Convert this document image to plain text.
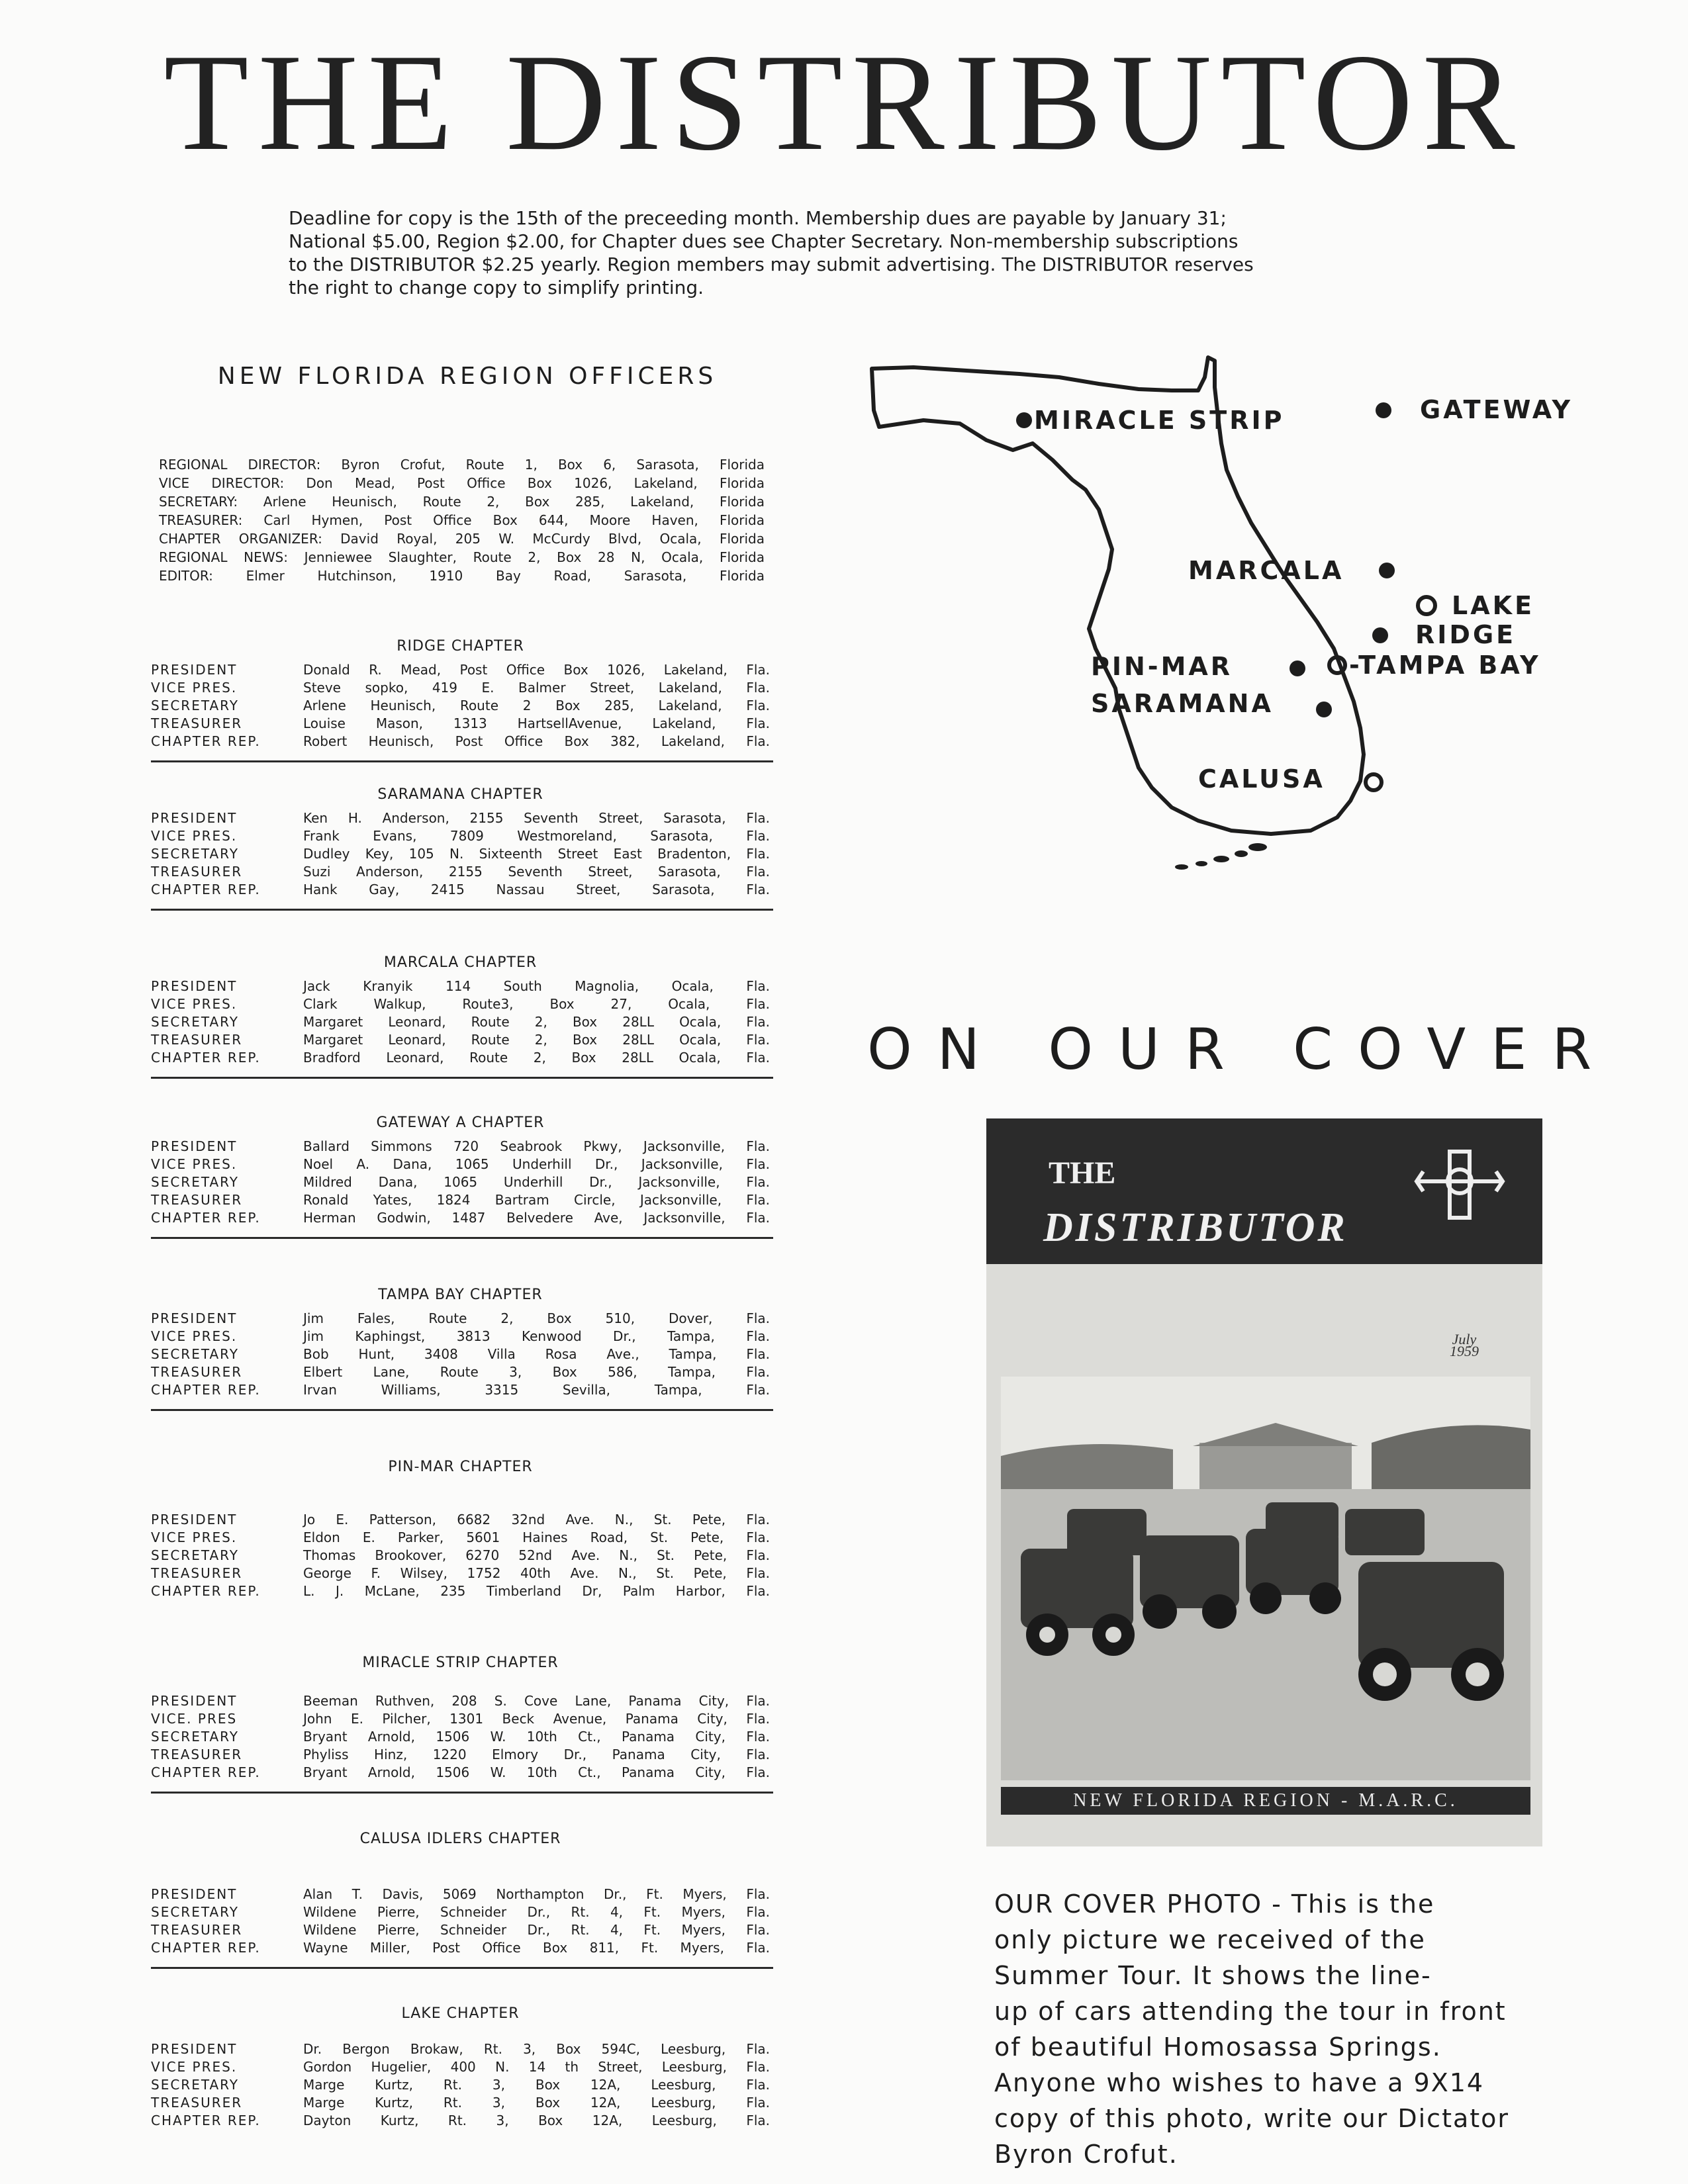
THE DISTRIBUTOR
Deadline for copy is the 15th of the preceeding month. Membership dues are payable by January 31;
National $5.00, Region $2.00, for Chapter dues see Chapter Secretary. Non-membership subscriptions
to the DISTRIBUTOR $2.25 yearly. Region members may submit advertising. The DISTRIBUTOR reserves
the right to change copy to simplify printing.
NEW FLORIDA REGION OFFICERS
REGIONAL DIRECTOR: Byron Crofut, Route 1, Box 6, Sarasota, Florida
VICE DIRECTOR: Don Mead, Post Office Box 1026, Lakeland, Florida
SECRETARY: Arlene Heunisch, Route 2, Box 285, Lakeland, Florida
TREASURER: Carl Hymen, Post Office Box 644, Moore Haven, Florida
CHAPTER ORGANIZER: David Royal, 205 W. McCurdy Blvd, Ocala, Florida
REGIONAL NEWS: Jenniewee Slaughter, Route 2, Box 28 N, Ocala, Florida
EDITOR: Elmer Hutchinson, 1910 Bay Road, Sarasota, Florida
RIDGE CHAPTER
PRESIDENT	Donald R. Mead, Post Office Box 1026, Lakeland, Fla.
VICE PRES.	Steve sopko, 419 E. Balmer Street, Lakeland, Fla.
SECRETARY	Arlene Heunisch, Route 2 Box 285, Lakeland, Fla.
TREASURER	Louise Mason, 1313 HartsellAvenue, Lakeland, Fla.
CHAPTER REP.	Robert Heunisch, Post Office Box 382, Lakeland, Fla.
SARAMANA CHAPTER
PRESIDENT	Ken H. Anderson, 2155 Seventh Street, Sarasota, Fla.
VICE PRES.	Frank Evans, 7809 Westmoreland, Sarasota, Fla.
SECRETARY	Dudley Key, 105 N. Sixteenth Street East Bradenton, Fla.
TREASURER	Suzi Anderson, 2155 Seventh Street, Sarasota, Fla.
CHAPTER REP.	Hank Gay, 2415 Nassau Street, Sarasota, Fla.
MARCALA CHAPTER
PRESIDENT	Jack Kranyik 114 South Magnolia, Ocala, Fla.
VICE PRES.	Clark Walkup, Route3, Box 27, Ocala, Fla.
SECRETARY	Margaret Leonard, Route 2, Box 28LL Ocala, Fla.
TREASURER	Margaret Leonard, Route 2, Box 28LL Ocala, Fla.
CHAPTER REP.	Bradford Leonard, Route 2, Box 28LL Ocala, Fla.
GATEWAY A CHAPTER
PRESIDENT	Ballard Simmons 720 Seabrook Pkwy, Jacksonville, Fla.
VICE PRES.	Noel A. Dana, 1065 Underhill Dr., Jacksonville, Fla.
SECRETARY	Mildred Dana, 1065 Underhill Dr., Jacksonville, Fla.
TREASURER	Ronald Yates, 1824 Bartram Circle, Jacksonville, Fla.
CHAPTER REP.	Herman Godwin, 1487 Belvedere Ave, Jacksonville, Fla.
TAMPA BAY CHAPTER
PRESIDENT	Jim Fales, Route 2, Box 510, Dover, Fla.
VICE PRES.	Jim Kaphingst, 3813 Kenwood Dr., Tampa, Fla.
SECRETARY	Bob Hunt, 3408 Villa Rosa Ave., Tampa, Fla.
TREASURER	Elbert Lane, Route 3, Box 586, Tampa, Fla.
CHAPTER REP.	Irvan Williams, 3315 Sevilla, Tampa, Fla.
PIN-MAR CHAPTER
PRESIDENT	Jo E. Patterson, 6682 32nd Ave. N., St. Pete, Fla.
VICE PRES.	Eldon E. Parker, 5601 Haines Road, St. Pete, Fla.
SECRETARY	Thomas Brookover, 6270 52nd Ave. N., St. Pete, Fla.
TREASURER	George F. Wilsey, 1752 40th Ave. N., St. Pete, Fla.
CHAPTER REP.	L. J. McLane, 235 Timberland Dr, Palm Harbor, Fla.
MIRACLE STRIP CHAPTER
PRESIDENT	Beeman Ruthven, 208 S. Cove Lane, Panama City, Fla.
VICE. PRES	John E. Pilcher, 1301 Beck Avenue, Panama City, Fla.
SECRETARY	Bryant Arnold, 1506 W. 10th Ct., Panama City, Fla.
TREASURER	Phyliss Hinz, 1220 Elmory Dr., Panama City, Fla.
CHAPTER REP.	Bryant Arnold, 1506 W. 10th Ct., Panama City, Fla.
CALUSA IDLERS CHAPTER
PRESIDENT	Alan T. Davis, 5069 Northampton Dr., Ft. Myers, Fla.
SECRETARY	Wildene Pierre, Schneider Dr., Rt. 4, Ft. Myers, Fla.
TREASURER	Wildene Pierre, Schneider Dr., Rt. 4, Ft. Myers, Fla.
CHAPTER REP.	Wayne Miller, Post Office Box 811, Ft. Myers, Fla.
LAKE CHAPTER
PRESIDENT	Dr. Bergon Brokaw, Rt. 3, Box 594C, Leesburg, Fla.
VICE PRES.	Gordon Hugelier, 400 N. 14 th Street, Leesburg, Fla.
SECRETARY	Marge Kurtz, Rt. 3, Box 12A, Leesburg, Fla.
TREASURER	Marge Kurtz, Rt. 3, Box 12A, Leesburg, Fla.
CHAPTER REP.	Dayton Kurtz, Rt. 3, Box 12A, Leesburg, Fla.
MIRACLE STRIP	GATEWAY
MARCALA
LAKE
RIDGE
-TAMPA BAY
PIN-MAR
SARAMANA
CALUSA
ON OUR COVER
THE
DISTRIBUTOR
July
1959
NEW FLORIDA REGION - M.A.R.C.
OUR COVER PHOTO - This is the
only picture we received of the
Summer Tour. It shows the line-
up of cars attending the tour in front
of beautiful Homosassa Springs.
Anyone who wishes to have a 9X14
copy of this photo, write our Dictator
Byron Crofut.
